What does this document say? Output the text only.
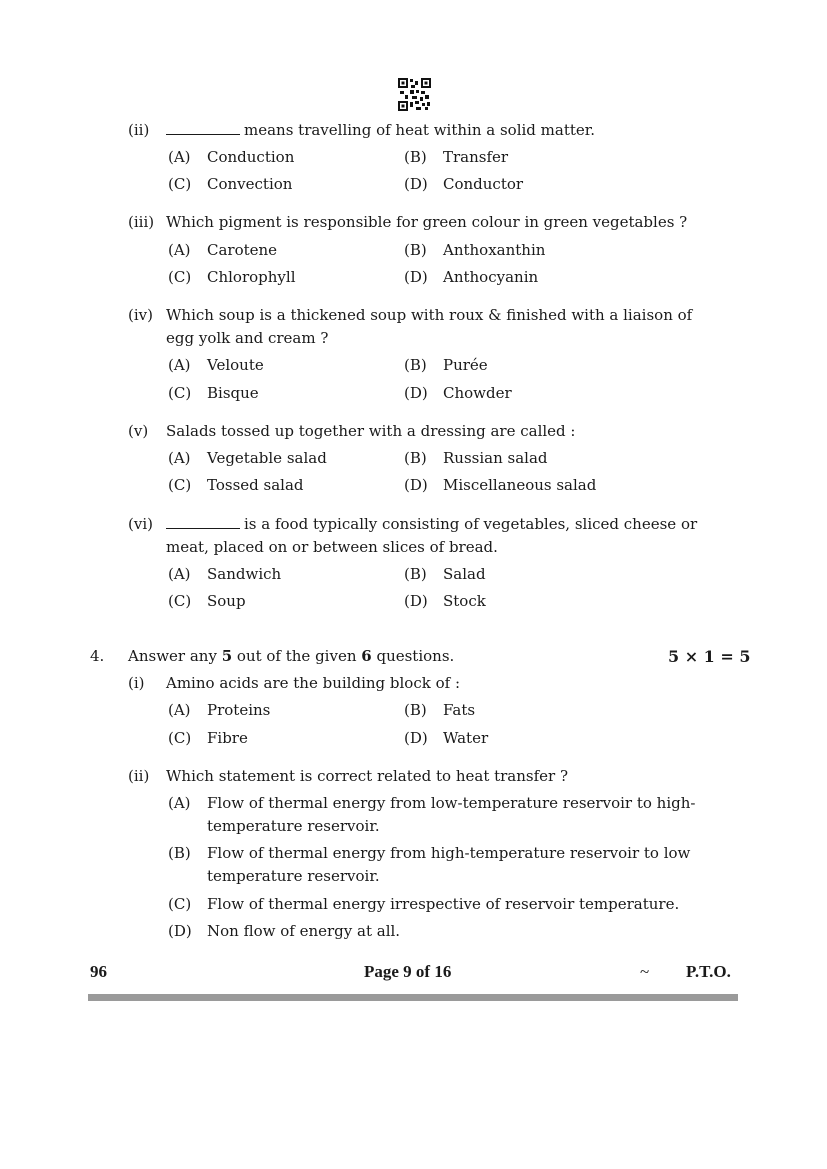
(ii)	means travelling of heat within a solid matter.
(A) Conduction	(B) Transfer
(C) Convection	(D) Conductor
(iii) Which pigment is responsible for green colour in green vegetables ?
(A) Carotene	(B) Anthoxanthin
(C) Chlorophyll	(D) Anthocyanin
(iv) Which soup is a thickened soup with roux & finished with a liaison of
egg yolk and cream ?
(A) Veloute	(B) Purée
(C) Bisque	(D) Chowder
(v)	Salads tossed up together with a dressing are called :
(A) Vegetable salad	(B) Russian salad
(C) Tossed salad	(D) Miscellaneous salad
(vi)	is a food typically consisting of vegetables, sliced cheese or
meat, placed on or between slices of bread.
(A) Sandwich	(B) Salad
(C) Soup	(D) Stock
4. Answer any 5 out of the given 6 questions.	5 × 1 = 5
(i)	Amino acids are the building block of :
(A) Proteins	(B) Fats
(C) Fibre	(D) Water
(ii)	Which statement is correct related to heat transfer ?
(A) Flow of thermal energy from low-temperature reservoir to high-
temperature reservoir.
(B) Flow of thermal energy from high-temperature reservoir to low
temperature reservoir.
(C) Flow of thermal energy irrespective of reservoir temperature.
(D) Non flow of energy at all.
96	Page 9 of 16	~ P.T.O.
